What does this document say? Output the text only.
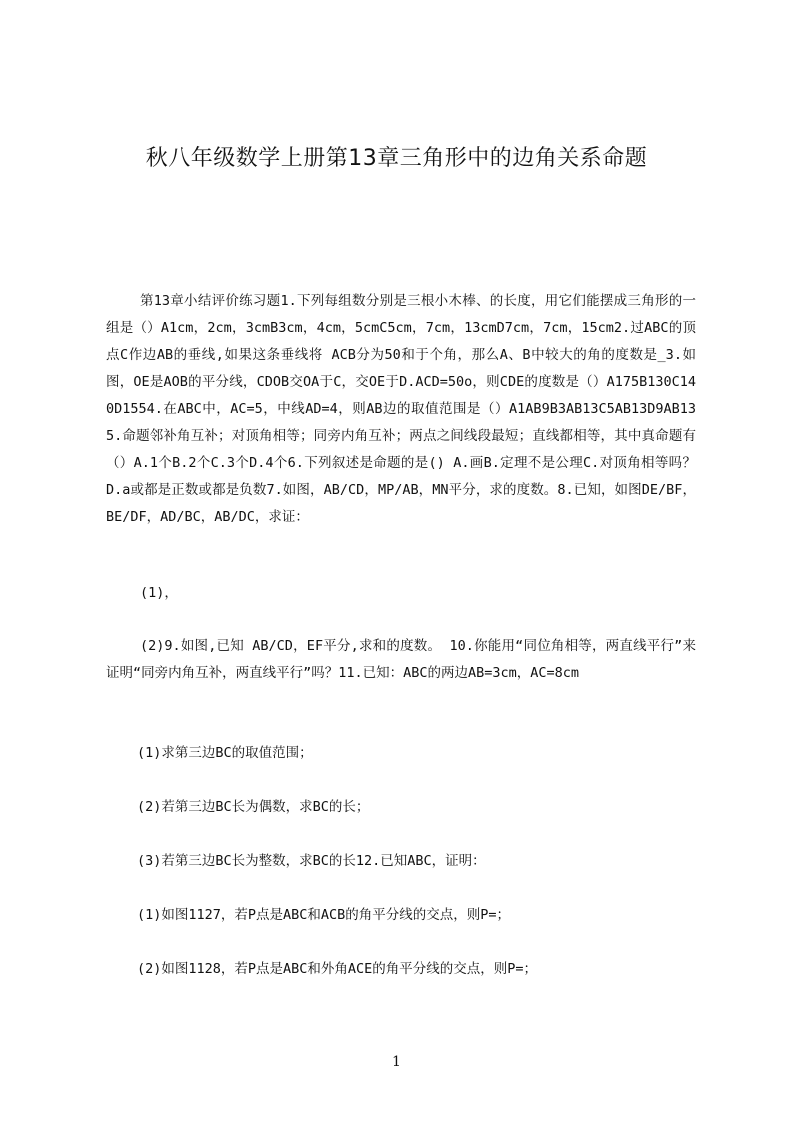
秋八年级数学上册第13章三角形中的边角关系命题
第13章小结评价练习题1.下列每组数分别是三根小木棒、的长度，用它们能摆成三角形的一组是（）A1cm，2cm，3cmB3cm，4cm，5cmC5cm，7cm，13cmD7cm，7cm，15cm2.过ABC的顶点C作边AB的垂线,如果这条垂线将 ACB分为50和于个角，那么A、B中较大的角的度数是_3.如图，OE是AOB的平分线，CDOB交OA于C，交OE于D.ACD=50o，则CDE的度数是（）A175B130C140D1554.在ABC中，AC=5，中线AD=4，则AB边的取值范围是（）A1AB9B3AB13C5AB13D9AB135.命题邻补角互补；对顶角相等；同旁内角互补；两点之间线段最短；直线都相等，其中真命题有（）A.1个B.2个C.3个D.4个6.下列叙述是命题的是() A.画B.定理不是公理C.对顶角相等吗？D.a或都是正数或都是负数7.如图，AB/CD，MP/AB，MN平分，求的度数。8.已知，如图DE/BF，BE/DF，AD/BC，AB/DC，求证：
(1)，
(2)9.如图,已知 AB/CD，EF平分,求和的度数。 10.你能用“同位角相等，两直线平行”来证明“同旁内角互补，两直线平行”吗？11.已知：ABC的两边AB=3cm，AC=8cm
(1)求第三边BC的取值范围；
(2)若第三边BC长为偶数，求BC的长；
(3)若第三边BC长为整数，求BC的长12.已知ABC，证明：
(1)如图1127，若P点是ABC和ACB的角平分线的交点，则P=；
(2)如图1128，若P点是ABC和外角ACE的角平分线的交点，则P=；
1
